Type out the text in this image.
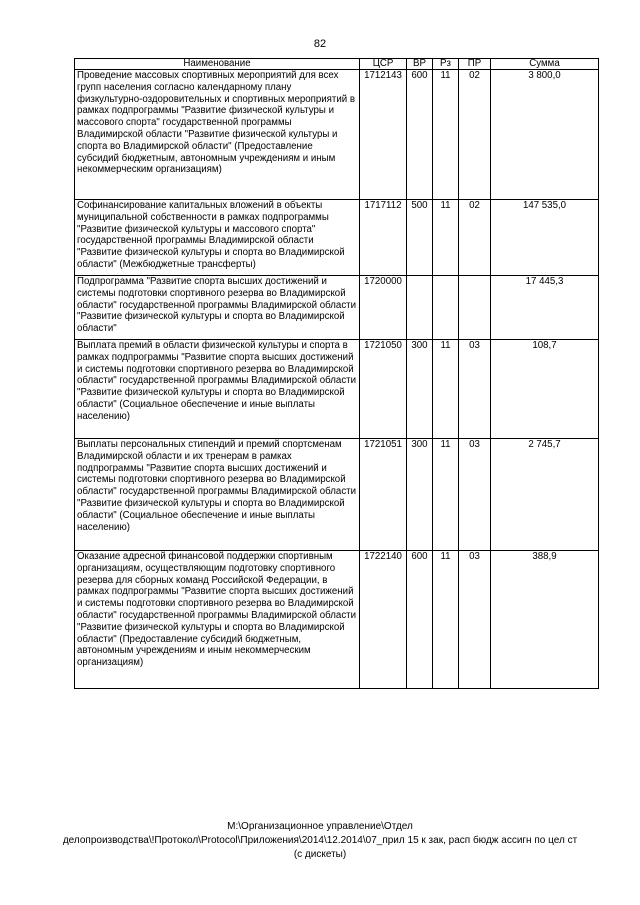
82
Наименование	ЦСР	ВР	Рз	ПР	Сумма
Проведение массовых спортивных мероприятий для всех групп населения согласно календарному плану физкультурно-оздоровительных и спортивных мероприятий в рамках подпрограммы "Развитие физической культуры и массового спорта" государственной программы Владимирской области "Развитие физической культуры и спорта во Владимирской области" (Предоставление субсидий бюджетным, автономным учреждениям и иным некоммерческим организациям)	1712143	600	11	02	3 800,0
Софинансирование капитальных вложений в объекты муниципальной собственности в рамках подпрограммы "Развитие физической культуры и массового спорта" государственной программы Владимирской области "Развитие физической культуры и спорта во Владимирской области" (Межбюджетные трансферты)	1717112	500	11	02	147 535,0
Подпрограмма "Развитие спорта высших достижений и системы подготовки спортивного резерва во Владимирской области" государственной программы Владимирской области "Развитие физической культуры и спорта во Владимирской области"	1720000				17 445,3
Выплата премий в области физической культуры и спорта в рамках подпрограммы "Развитие спорта высших достижений и системы подготовки спортивного резерва во Владимирской области" государственной программы Владимирской области "Развитие физической культуры и спорта во Владимирской области" (Социальное обеспечение и иные выплаты населению)	1721050	300	11	03	108,7
Выплаты персональных стипендий и премий спортсменам Владимирской области и их тренерам в рамках подпрограммы "Развитие спорта высших достижений и системы подготовки спортивного резерва во Владимирской области" государственной программы Владимирской области "Развитие физической культуры и спорта во Владимирской области" (Социальное обеспечение и иные выплаты населению)	1721051	300	11	03	2 745,7
Оказание адресной финансовой поддержки спортивным организациям, осуществляющим подготовку спортивного резерва для сборных команд Российской Федерации, в рамках подпрограммы "Развитие спорта высших достижений и системы подготовки спортивного резерва во Владимирской области" государственной программы Владимирской области "Развитие физической культуры и спорта во Владимирской области" (Предоставление субсидий бюджетным, автономным учреждениям и иным некоммерческим организациям)	1722140	600	11	03	388,9
M:\Организационное управление\Отдел
делопроизводства\!Протокол\Protocol\Приложения\2014\12.2014\07_прил 15 к зак, расп бюдж ассигн по цел ст
(с дискеты)
